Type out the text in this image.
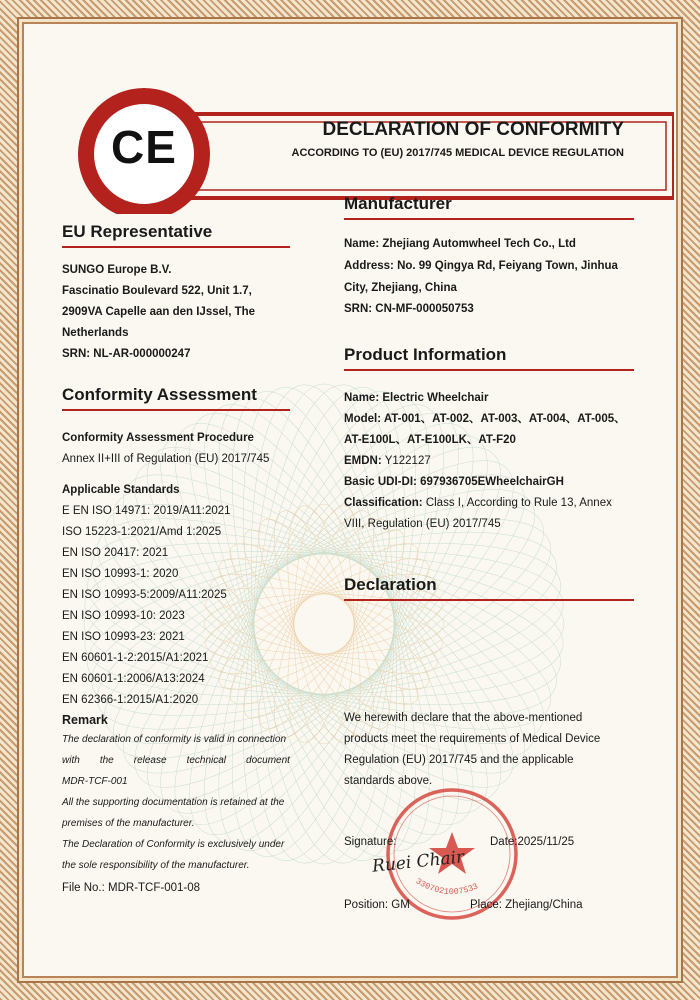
CE	DECLARATION OF CONFORMITY
ACCORDING TO (EU) 2017/745 MEDICAL DEVICE REGULATION
EU Representative
SUNGO Europe B.V.
Fascinatio Boulevard 522, Unit 1.7,
2909VA Capelle aan den IJssel, The
Netherlands
SRN: NL-AR-000000247
Conformity Assessment
Conformity Assessment Procedure
Annex II+III of Regulation (EU) 2017/745
Applicable Standards
E EN ISO 14971: 2019/A11:2021
ISO 15223-1:2021/Amd 1:2025
EN ISO 20417: 2021
EN ISO 10993-1: 2020
EN ISO 10993-5:2009/A11:2025
EN ISO 10993-10: 2023
EN ISO 10993-23: 2021
EN 60601-1-2:2015/A1:2021
EN 60601-1:2006/A13:2024
EN 62366-1:2015/A1:2020
Remark
The declaration of conformity is valid in connection
with the release technical document
MDR-TCF-001
All the supporting documentation is retained at the
premises of the manufacturer.
The Declaration of Conformity is exclusively under
the sole responsibility of the manufacturer.
File No.: MDR-TCF-001-08
Manufacturer
Name: Zhejiang Automwheel Tech Co., Ltd
Address: No. 99 Qingya Rd, Feiyang Town, Jinhua
City, Zhejiang, China
SRN: CN-MF-000050753
Product Information
Name: Electric Wheelchair
Model: AT-001、AT-002、AT-003、AT-004、AT-005、
AT-E100L、AT-E100LK、AT-F20
EMDN: Y122127
Basic UDI-DI: 697936705EWheelchairGH
Classification: Class I, According to Rule 13, Annex
VIII, Regulation (EU) 2017/745
Declaration
We herewith declare that the above-mentioned
products meet the requirements of Medical Device
Regulation (EU) 2017/745 and the applicable
standards above.
3307021007533
Signature:
Ruei Chair
Date:2025/11/25
Position: GM	Place: Zhejiang/China
